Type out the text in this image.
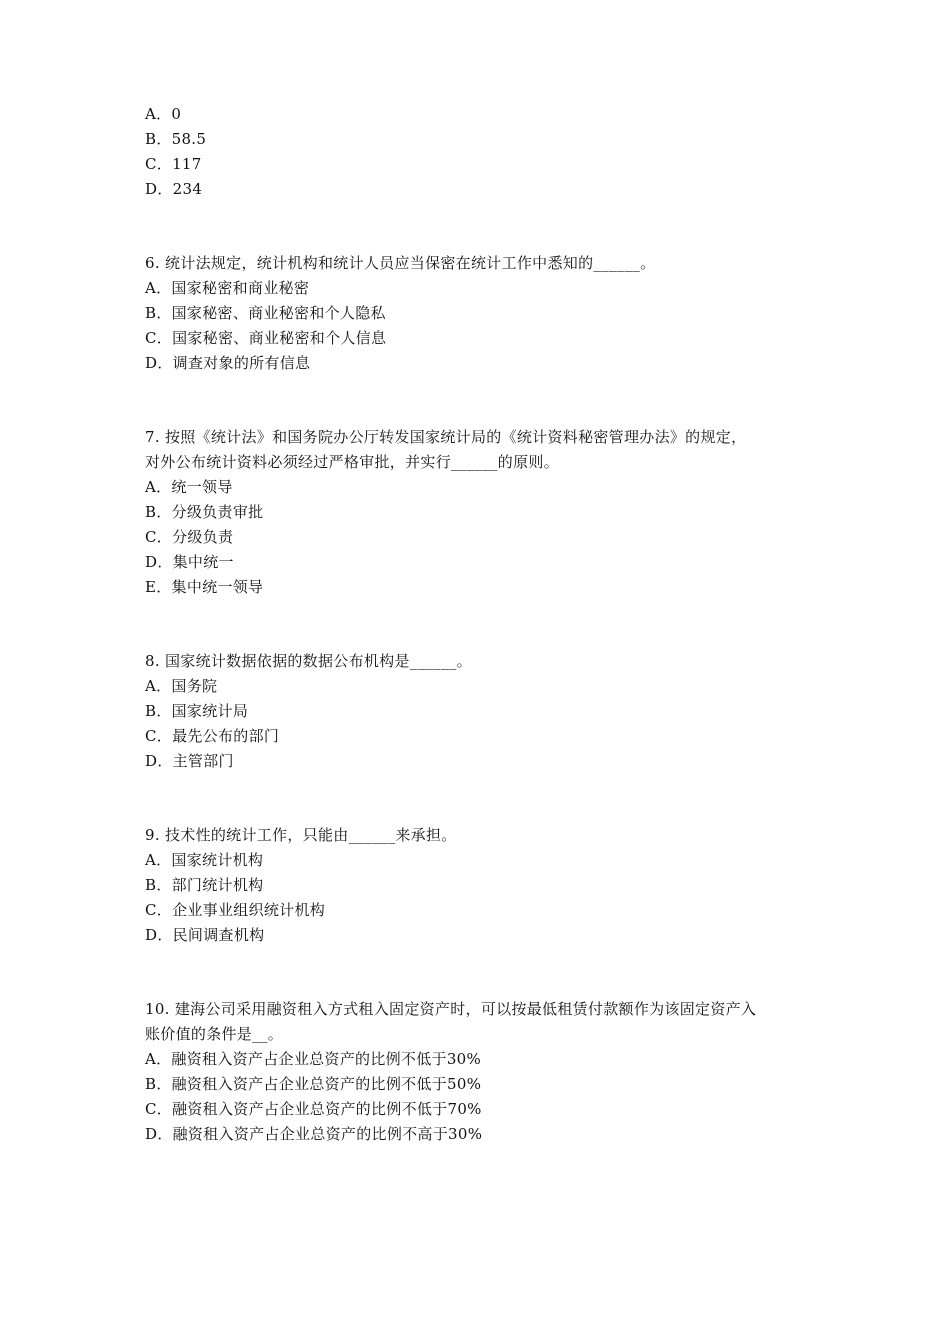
A．0
B．58.5
C．117
D．234
6. 统计法规定，统计机构和统计人员应当保密在统计工作中悉知的______。
A．国家秘密和商业秘密
B．国家秘密、商业秘密和个人隐私
C．国家秘密、商业秘密和个人信息
D．调查对象的所有信息
7. 按照《统计法》和国务院办公厅转发国家统计局的《统计资料秘密管理办法》的规定，
对外公布统计资料必须经过严格审批，并实行______的原则。
A．统一领导
B．分级负责审批
C．分级负责
D．集中统一
E．集中统一领导
8. 国家统计数据依据的数据公布机构是______。
A．国务院
B．国家统计局
C．最先公布的部门
D．主管部门
9. 技术性的统计工作，只能由______来承担。
A．国家统计机构
B．部门统计机构
C．企业事业组织统计机构
D．民间调查机构
10. 建海公司采用融资租入方式租入固定资产时，可以按最低租赁付款额作为该固定资产入
账价值的条件是__。
A．融资租入资产占企业总资产的比例不低于30%
B．融资租入资产占企业总资产的比例不低于50%
C．融资租入资产占企业总资产的比例不低于70%
D．融资租入资产占企业总资产的比例不高于30%
